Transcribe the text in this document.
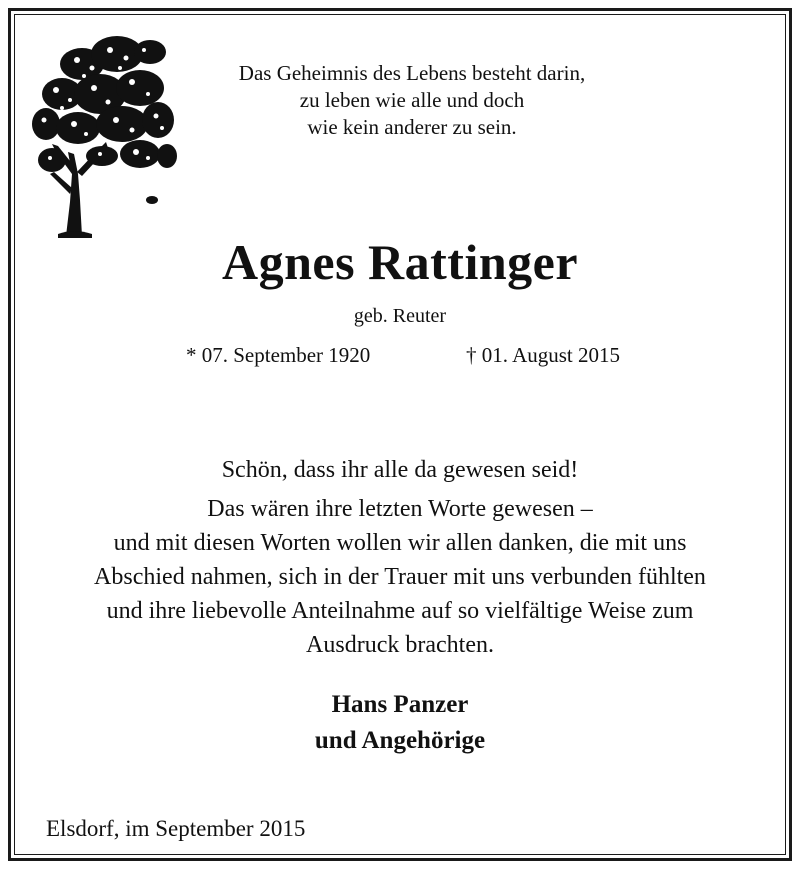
Das Geheimnis des Lebens besteht darin,
zu leben wie alle und doch
wie kein anderer zu sein.
Agnes Rattinger
geb. Reuter
* 07. September 1920	† 01. August 2015
Schön, dass ihr alle da gewesen seid!
Das wären ihre letzten Worte gewesen –
und mit diesen Worten wollen wir allen danken, die mit uns
Abschied nahmen, sich in der Trauer mit uns verbunden fühlten
und ihre liebevolle Anteilnahme auf so vielfältige Weise zum
Ausdruck brachten.
Hans Panzer
und Angehörige
Elsdorf, im September 2015
